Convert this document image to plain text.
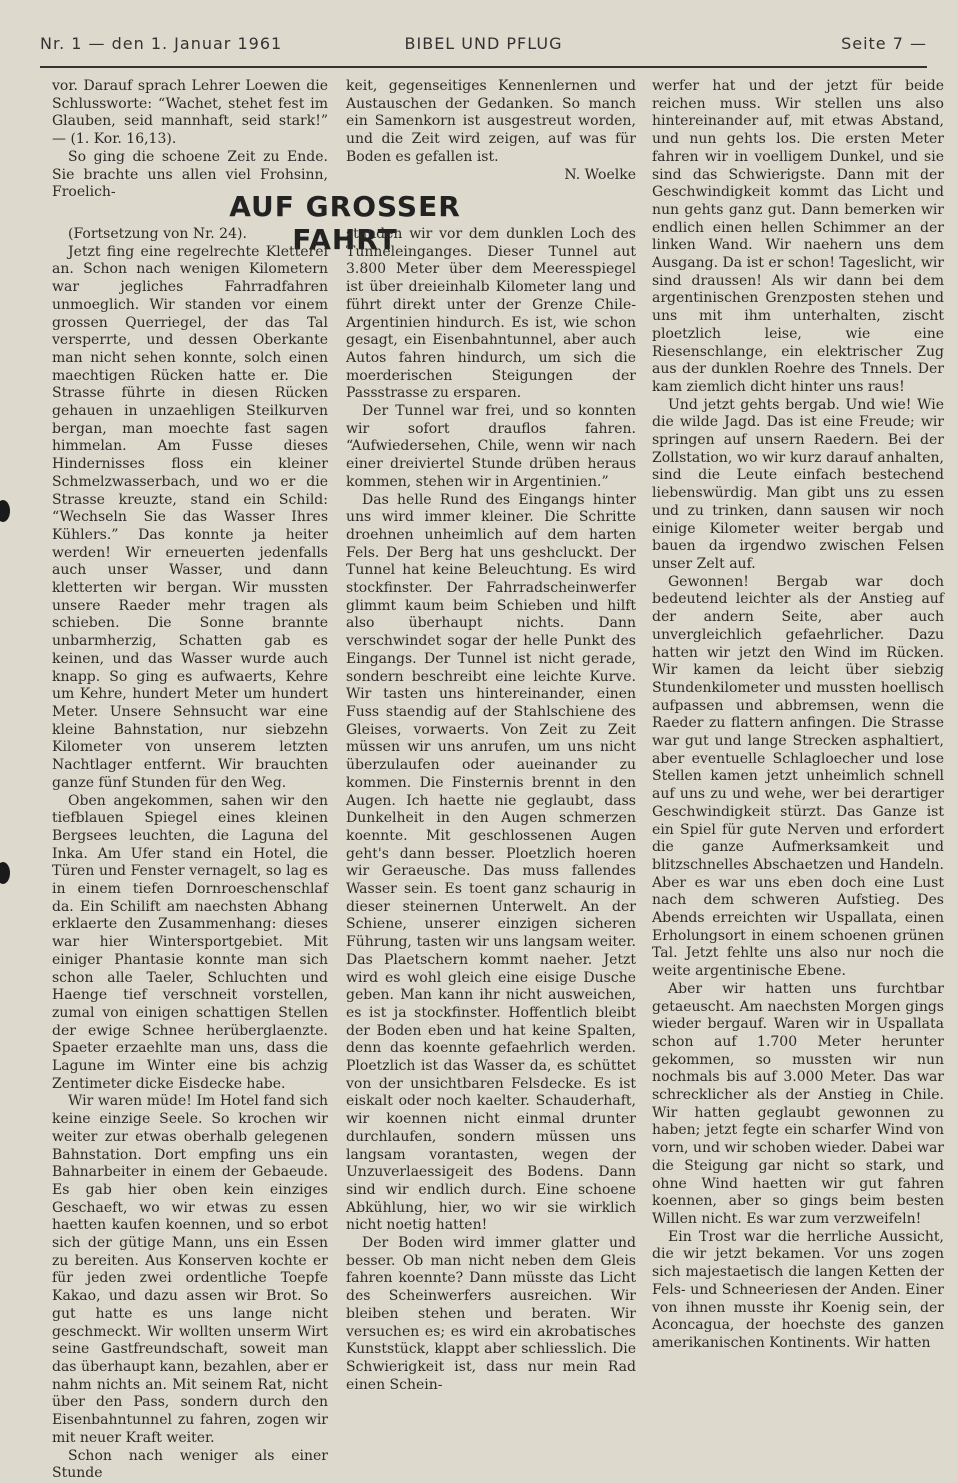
Nr. 1 — den 1. Januar 1961	BIBEL UND PFLUG	Seite 7 —

vor. Darauf sprach Lehrer Loewen die Schlussworte: “Wachet, stehet fest im Glauben, seid mannhaft, seid stark!” — (1. Kor. 16,13).

So ging die schoene Zeit zu Ende. Sie brachte uns allen viel Frohsinn, Froelich-

keit, gegenseitiges Kennenlernen und Austauschen der Gedanken. So manch ein Samenkorn ist ausgestreut worden, und die Zeit wird zeigen, auf was für Boden es gefallen ist.

N. Woelke

AUF GROSSER FAHRT

(Fortsetzung von Nr. 24).

Jetzt fing eine regelrechte Kletterei an. Schon nach wenigen Kilometern war jegliches Fahrradfahren unmoeglich. Wir standen vor einem grossen Querriegel, der das Tal versperrte, und dessen Oberkante man nicht sehen konnte, solch einen maechtigen Rücken hatte er. Die Strasse führte in diesen Rücken gehauen in unzaehligen Steilkurven bergan, man moechte fast sagen himmelan. Am Fusse dieses Hindernisses floss ein kleiner Schmelzwasserbach, und wo er die Strasse kreuzte, stand ein Schild: “Wechseln Sie das Wasser Ihres Kühlers.” Das konnte ja heiter werden! Wir erneuerten jedenfalls auch unser Wasser, und dann kletterten wir bergan. Wir mussten unsere Raeder mehr tragen als schieben. Die Sonne brannte unbarmherzig, Schatten gab es keinen, und das Wasser wurde auch knapp. So ging es aufwaerts, Kehre um Kehre, hundert Meter um hundert Meter. Unsere Sehnsucht war eine kleine Bahnstation, nur siebzehn Kilometer von unserem letzten Nachtlager entfernt. Wir brauchten ganze fünf Stunden für den Weg.

Oben angekommen, sahen wir den tiefblauen Spiegel eines kleinen Bergsees leuchten, die Laguna del Inka. Am Ufer stand ein Hotel, die Türen und Fenster vernagelt, so lag es in einem tiefen Dornroeschenschlaf da. Ein Schilift am naechsten Abhang erklaerte den Zusammenhang: dieses war hier Wintersportgebiet. Mit einiger Phantasie konnte man sich schon alle Taeler, Schluchten und Haenge tief verschneit vorstellen, zumal von einigen schattigen Stellen der ewige Schnee herüberglaenzte. Spaeter erzaehlte man uns, dass die Lagune im Winter eine bis achzig Zentimeter dicke Eisdecke habe.

Wir waren müde! Im Hotel fand sich keine einzige Seele. So krochen wir weiter zur etwas oberhalb gelegenen Bahnstation. Dort empfing uns ein Bahnarbeiter in einem der Gebaeude. Es gab hier oben kein einziges Geschaeft, wo wir etwas zu essen haetten kaufen koennen, und so erbot sich der gütige Mann, uns ein Essen zu bereiten. Aus Konserven kochte er für jeden zwei ordentliche Toepfe Kakao, und dazu assen wir Brot. So gut hatte es uns lange nicht geschmeckt. Wir wollten unserm Wirt seine Gastfreundschaft, soweit man das überhaupt kann, bezahlen, aber er nahm nichts an. Mit seinem Rat, nicht über den Pass, sondern durch den Eisenbahntunnel zu fahren, zogen wir mit neuer Kraft weiter.

Schon nach weniger als einer Stunde

standen wir vor dem dunklen Loch des Tunneleinganges. Dieser Tunnel aut 3.800 Meter über dem Meeresspiegel ist über dreieinhalb Kilometer lang und führt direkt unter der Grenze Chile-Argentinien hindurch. Es ist, wie schon gesagt, ein Eisenbahntunnel, aber auch Autos fahren hindurch, um sich die moerderischen Steigungen der Passstrasse zu ersparen.

Der Tunnel war frei, und so konnten wir sofort drauflos fahren. “Aufwiedersehen, Chile, wenn wir nach einer dreiviertel Stunde drüben heraus kommen, stehen wir in Argentinien.”

Das helle Rund des Eingangs hinter uns wird immer kleiner. Die Schritte droehnen unheimlich auf dem harten Fels. Der Berg hat uns geshcluckt. Der Tunnel hat keine Beleuchtung. Es wird stockfinster. Der Fahrradscheinwerfer glimmt kaum beim Schieben und hilft also überhaupt nichts. Dann verschwindet sogar der helle Punkt des Eingangs. Der Tunnel ist nicht gerade, sondern beschreibt eine leichte Kurve. Wir tasten uns hintereinander, einen Fuss staendig auf der Stahlschiene des Gleises, vorwaerts. Von Zeit zu Zeit müssen wir uns anrufen, um uns nicht überzulaufen oder aueinander zu kommen. Die Finsternis brennt in den Augen. Ich haette nie geglaubt, dass Dunkelheit in den Augen schmerzen koennte. Mit geschlossenen Augen geht's dann besser. Ploetzlich hoeren wir Geraeusche. Das muss fallendes Wasser sein. Es toent ganz schaurig in dieser steinernen Unterwelt. An der Schiene, unserer einzigen sicheren Führung, tasten wir uns langsam weiter. Das Plaetschern kommt naeher. Jetzt wird es wohl gleich eine eisige Dusche geben. Man kann ihr nicht ausweichen, es ist ja stockfinster. Hoffentlich bleibt der Boden eben und hat keine Spalten, denn das koennte gefaehrlich werden. Ploetzlich ist das Wasser da, es schüttet von der unsichtbaren Felsdecke. Es ist eiskalt oder noch kaelter. Schauderhaft, wir koennen nicht einmal drunter durchlaufen, sondern müssen uns langsam vorantasten, wegen der Unzuverlaessigeit des Bodens. Dann sind wir endlich durch. Eine schoene Abkühlung, hier, wo wir sie wirklich nicht noetig hatten!

Der Boden wird immer glatter und besser. Ob man nicht neben dem Gleis fahren koennte? Dann müsste das Licht des Scheinwerfers ausreichen. Wir bleiben stehen und beraten. Wir versuchen es; es wird ein akrobatisches Kunststück, klappt aber schliesslich. Die Schwierigkeit ist, dass nur mein Rad einen Schein-

werfer hat und der jetzt für beide reichen muss. Wir stellen uns also hintereinander auf, mit etwas Abstand, und nun gehts los. Die ersten Meter fahren wir in voelligem Dunkel, und sie sind das Schwierigste. Dann mit der Geschwindigkeit kommt das Licht und nun gehts ganz gut. Dann bemerken wir endlich einen hellen Schimmer an der linken Wand. Wir naehern uns dem Ausgang. Da ist er schon! Tageslicht, wir sind draussen! Als wir dann bei dem argentinischen Grenzposten stehen und uns mit ihm unterhalten, zischt ploetzlich leise, wie eine Riesenschlange, ein elektrischer Zug aus der dunklen Roehre des Tnnels. Der kam ziemlich dicht hinter uns raus!

Und jetzt gehts bergab. Und wie! Wie die wilde Jagd. Das ist eine Freude; wir springen auf unsern Raedern. Bei der Zollstation, wo wir kurz darauf anhalten, sind die Leute einfach bestechend liebenswürdig. Man gibt uns zu essen und zu trinken, dann sausen wir noch einige Kilometer weiter bergab und bauen da irgendwo zwischen Felsen unser Zelt auf.

Gewonnen! Bergab war doch bedeutend leichter als der Anstieg auf der andern Seite, aber auch unvergleichlich gefaehrlicher. Dazu hatten wir jetzt den Wind im Rücken. Wir kamen da leicht über siebzig Stundenkilometer und mussten hoellisch aufpassen und abbremsen, wenn die Raeder zu flattern anfingen. Die Strasse war gut und lange Strecken asphaltiert, aber eventuelle Schlagloecher und lose Stellen kamen jetzt unheimlich schnell auf uns zu und wehe, wer bei derartiger Geschwindigkeit stürzt. Das Ganze ist ein Spiel für gute Nerven und erfordert die ganze Aufmerksamkeit und blitzschnelles Abschaetzen und Handeln. Aber es war uns eben doch eine Lust nach dem schweren Aufstieg. Des Abends erreichten wir Uspallata, einen Erholungsort in einem schoenen grünen Tal. Jetzt fehlte uns also nur noch die weite argentinische Ebene.

Aber wir hatten uns furchtbar getaeuscht. Am naechsten Morgen gings wieder bergauf. Waren wir in Uspallata schon auf 1.700 Meter herunter gekommen, so mussten wir nun nochmals bis auf 3.000 Meter. Das war schrecklicher als der Anstieg in Chile. Wir hatten geglaubt gewonnen zu haben; jetzt fegte ein scharfer Wind von vorn, und wir schoben wieder. Dabei war die Steigung gar nicht so stark, und ohne Wind haetten wir gut fahren koennen, aber so gings beim besten Willen nicht. Es war zum verzweifeln!

Ein Trost war die herrliche Aussicht, die wir jetzt bekamen. Vor uns zogen sich majestaetisch die langen Ketten der Fels- und Schneeriesen der Anden. Einer von ihnen musste ihr Koenig sein, der Aconcagua, der hoechste des ganzen amerikanischen Kontinents. Wir hatten
